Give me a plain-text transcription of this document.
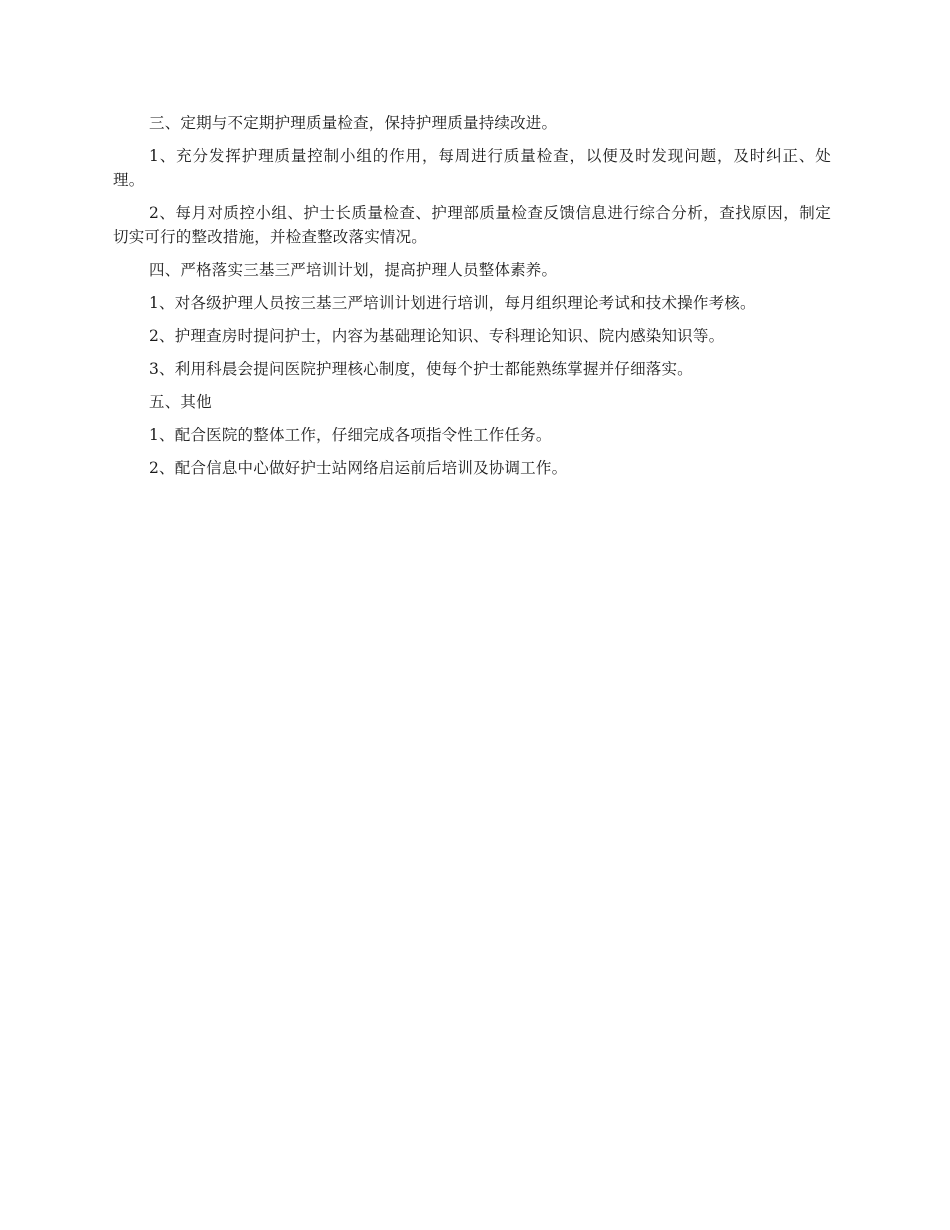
三、定期与不定期护理质量检查，保持护理质量持续改进。

1、充分发挥护理质量控制小组的作用，每周进行质量检查，以便及时发现问题，及时纠正、处理。

2、每月对质控小组、护士长质量检查、护理部质量检查反馈信息进行综合分析，查找原因，制定切实可行的整改措施，并检查整改落实情况。

四、严格落实三基三严培训计划，提高护理人员整体素养。

1、对各级护理人员按三基三严培训计划进行培训，每月组织理论考试和技术操作考核。

2、护理查房时提问护士，内容为基础理论知识、专科理论知识、院内感染知识等。

3、利用科晨会提问医院护理核心制度，使每个护士都能熟练掌握并仔细落实。

五、其他

1、配合医院的整体工作，仔细完成各项指令性工作任务。

2、配合信息中心做好护士站网络启运前后培训及协调工作。
